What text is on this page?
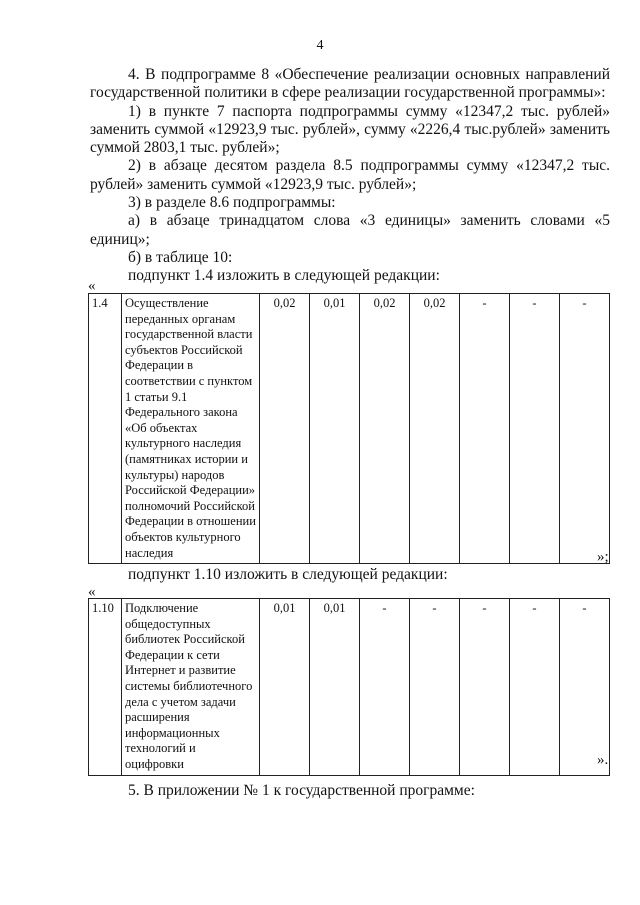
4

4. В подпрограмме 8 «Обеспечение реализации основных направлений государственной политики в сфере реализации государственной программы»:

1) в пункте 7 паспорта подпрограммы сумму «12347,2 тыс. рублей» заменить суммой «12923,9 тыс. рублей», сумму «2226,4 тыс.рублей» заменить суммой 2803,1 тыс. рублей»;

2) в абзаце десятом раздела 8.5 подпрограммы сумму «12347,2 тыс. рублей» заменить суммой «12923,9 тыс. рублей»;

3) в разделе 8.6 подпрограммы:

а) в абзаце тринадцатом слова «3 единицы» заменить словами «5 единиц»;

б) в таблице 10:

подпункт 1.4 изложить в следующей редакции:

«
1.4	Осуществление переданных органам государственной власти субъектов Российской Федерации в соответствии с пунктом 1 статьи 9.1 Федерального закона «Об объектах культурного наследия (памятниках истории и культуры) народов Российской Федерации» полномочий Российской Федерации в отношении объектов культурного наследия	0,02	0,01	0,02	0,02	-	-	-
»;
подпункт 1.10 изложить в следующей редакции:
«
1.10	Подключение общедоступных библиотек Российской Федерации к сети Интернет и развитие системы библиотечного дела с учетом задачи расширения информационных технологий и оцифровки	0,01	0,01	-	-	-	-	-
».
5. В приложении № 1 к государственной программе:
